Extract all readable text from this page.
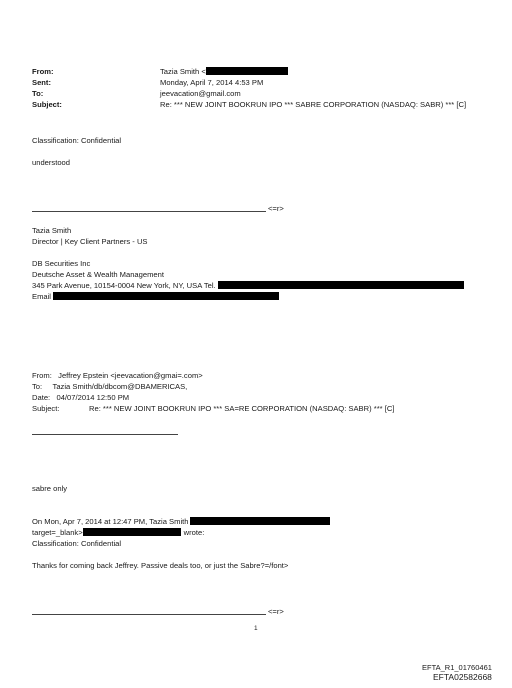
From:
Sent:
To:
Subject:
Tazia Smith <
Monday, April 7, 2014 4:53 PM
jeevacation@gmail.com
Re: *** NEW JOINT BOOKRUN IPO *** SABRE CORPORATION (NASDAQ: SABR) *** [C]
Classification: Confidential
understood
<=r>
Tazia Smith
Director | Key Client Partners - US
DB Securities Inc
Deutsche Asset & Wealth Management
345 Park Avenue, 10154-0004 New York, NY, USA Tel.
Email
From:   Jeffrey Epstein <jeevacation@gmai=.com>
To:     Tazia Smith/db/dbcom@DBAMERICAS,
Date:   04/07/2014 12:50 PM
Subject:	Re: *** NEW JOINT BOOKRUN IPO *** SA=RE CORPORATION (NASDAQ: SABR) *** [C]
sabre only
On Mon, Apr 7, 2014 at 12:47 PM, Tazia Smith
target=_blank>	wrote:
Classification: Confidential
Thanks for coming back Jeffrey. Passive deals too, or just the Sabre?=/font>
<=r>
1
EFTA_R1_01760461
EFTA02582668
